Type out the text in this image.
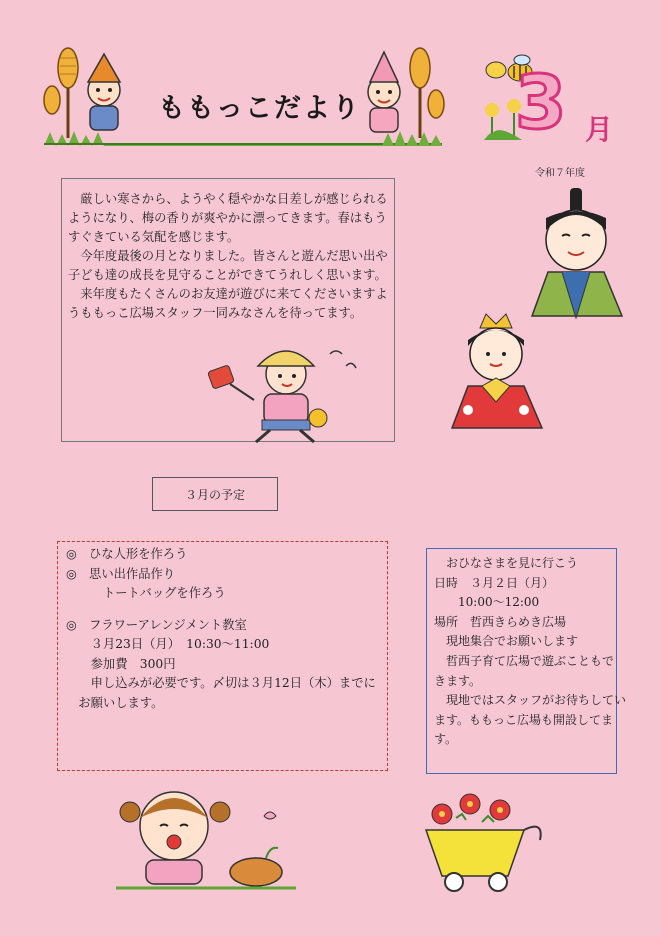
ももっこだより 3 月
令和７年度

厳しい寒さから、ようやく穏やかな日差しが感じられるようになり、梅の香りが爽やかに漂ってきます。春はもうすぐきている気配を感じます。

今年度最後の月となりました。皆さんと遊んだ思い出や子ども達の成長を見守ることができてうれしく思います。

来年度もたくさんのお友達が遊びに来てくださいますようももっこ広場スタッフ一同みなさんを待ってます。

３月の予定
◎　ひな人形を作ろう
◎　思い出作品作り
　　　トートバッグを作ろう
◎　フラワーアレンジメント教室
　　３月23日（月）　10:30～11:00
　　参加費　300円
　　申し込みが必要です。〆切は３月12日（木）までに
　お願いします。
　おひなさまを見に行こう
日時　３月２日（月）
　　10:00～12:00
場所　哲西きらめき広場
　現地集合でお願いします
　哲西子育て広場で遊ぶこともで
きます。
　現地ではスタッフがお待ちしてい
ます。ももっこ広場も開設してま
す。
